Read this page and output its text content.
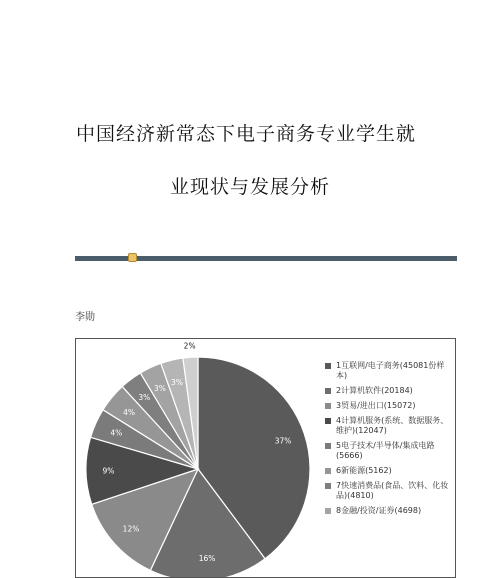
中国经济新常态下电子商务专业学生就
业现状与发展分析
李勋
37%
16%
12%
9%
4%
4%
3%
3%
3%
2%
1互联网/电子商务(45081份样本)
2计算机软件(20184)
3贸易/进出口(15072)
4计算机服务(系统、数据服务、维护)(12047)
5电子技术/半导体/集成电路(5666)
6新能源(5162)
7快速消费品(食品、饮料、化妆品)(4810)
8金融/投资/证券(4698)
